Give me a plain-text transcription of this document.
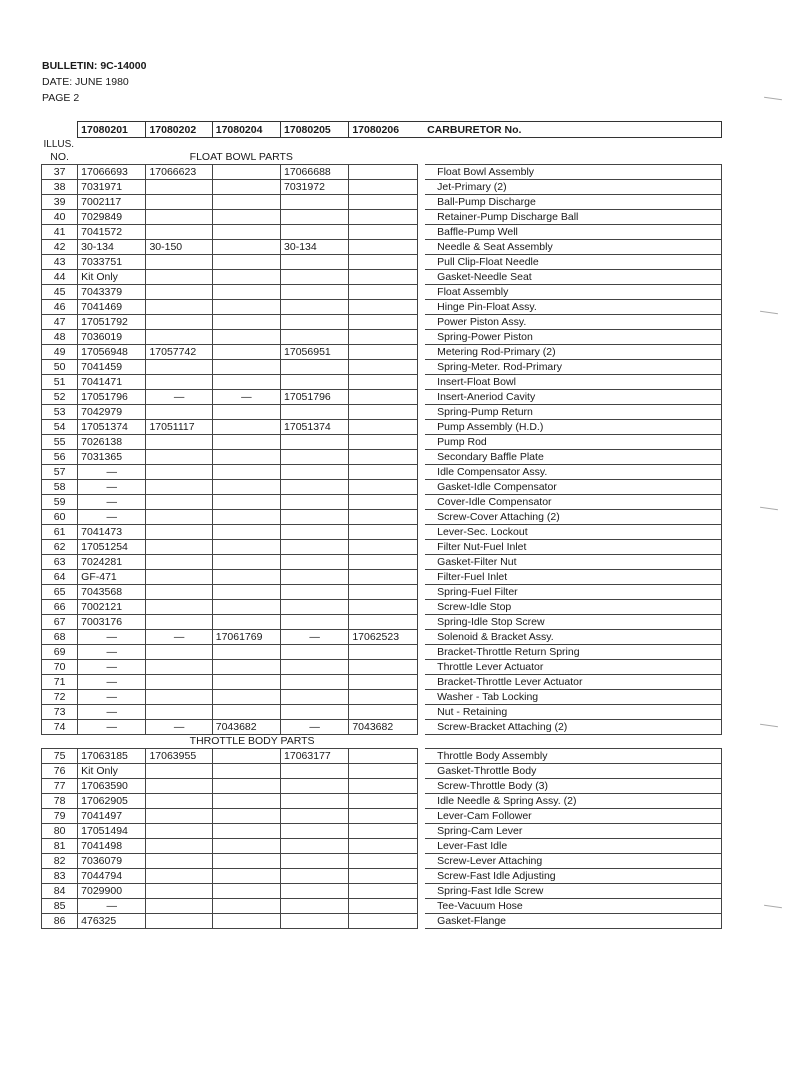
BULLETIN: 9C-14000
DATE: JUNE 1980
PAGE 2
	17080201	17080202	17080204	17080205	17080206	CARBURETOR No.	
ILLUS.							
NO.	FLOAT BOWL PARTS						
37	17066693	17066623		17066688			Float Bowl Assembly
38	7031971			7031972			Jet-Primary (2)
39	7002117						Ball-Pump Discharge
40	7029849						Retainer-Pump Discharge Ball
41	7041572						Baffle-Pump Well
42	30-134	30-150		30-134			Needle & Seat Assembly
43	7033751						Pull Clip-Float Needle
44	Kit Only						Gasket-Needle Seat
45	7043379						Float Assembly
46	7041469						Hinge Pin-Float Assy.
47	17051792						Power Piston Assy.
48	7036019						Spring-Power Piston
49	17056948	17057742		17056951			Metering Rod-Primary (2)
50	7041459						Spring-Meter. Rod-Primary
51	7041471						Insert-Float Bowl
52	17051796	—	—	17051796			Insert-Aneriod Cavity
53	7042979						Spring-Pump Return
54	17051374	17051117		17051374			Pump Assembly (H.D.)
55	7026138						Pump Rod
56	7031365						Secondary Baffle Plate
57	—						Idle Compensator Assy.
58	—						Gasket-Idle Compensator
59	—						Cover-Idle Compensator
60	—						Screw-Cover Attaching (2)
61	7041473						Lever-Sec. Lockout
62	17051254						Filter Nut-Fuel Inlet
63	7024281						Gasket-Filter Nut
64	GF-471						Filter-Fuel Inlet
65	7043568						Spring-Fuel Filter
66	7002121						Screw-Idle Stop
67	7003176						Spring-Idle Stop Screw
68	—	—	17061769	—	17062523		Solenoid & Bracket Assy.
69	—						Bracket-Throttle Return Spring
70	—						Throttle Lever Actuator
71	—						Bracket-Throttle Lever Actuator
72	—						Washer - Tab Locking
73	—						Nut - Retaining
74	—	—	7043682	—	7043682		Screw-Bracket Attaching (2)
	THROTTLE BODY PARTS						
75	17063185	17063955		17063177			Throttle Body Assembly
76	Kit Only						Gasket-Throttle Body
77	17063590						Screw-Throttle Body (3)
78	17062905						Idle Needle & Spring Assy. (2)
79	7041497						Lever-Cam Follower
80	17051494						Spring-Cam Lever
81	7041498						Lever-Fast Idle
82	7036079						Screw-Lever Attaching
83	7044794						Screw-Fast Idle Adjusting
84	7029900						Spring-Fast Idle Screw
85	—						Tee-Vacuum Hose
86	476325						Gasket-Flange
